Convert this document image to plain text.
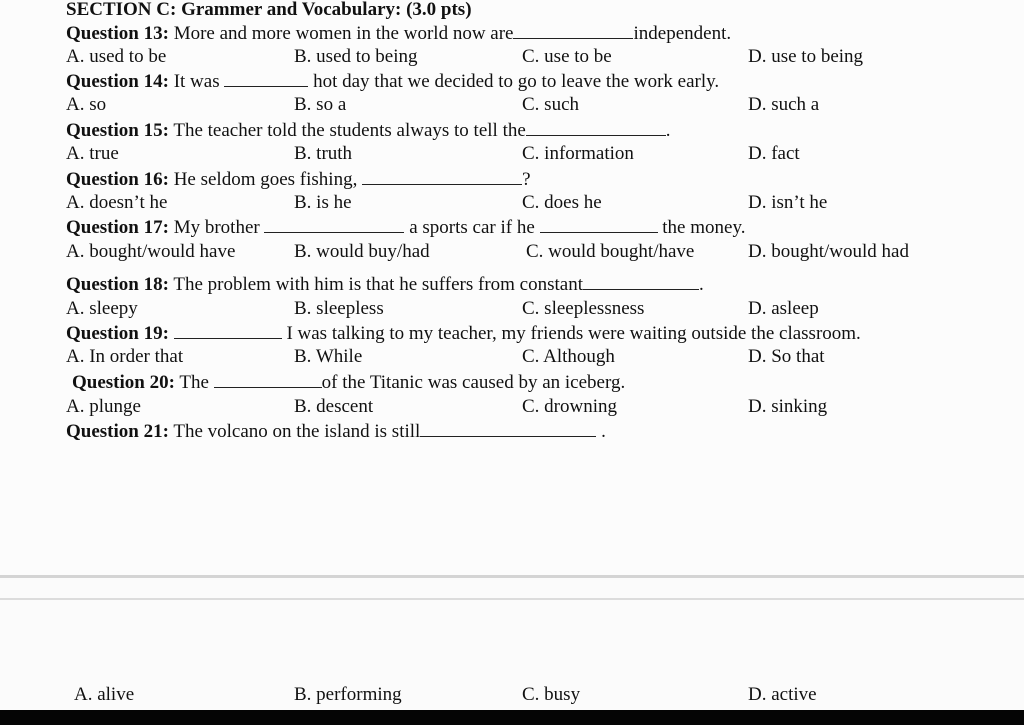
SECTION C: Grammer and Vocabulary: (3.0 pts)
Question 13: More and more women in the world now are	independent.
A. used to be	B. used to being	C. use to be	D. use to being
Question 14: It was	hot day that we decided to go to leave the work early.
A. so	B. so a	C. such	D. such a
Question 15: The teacher told the students always to tell the	.
A. true	B. truth	C. information	D. fact
Question 16: He seldom goes fishing,	?
A. doesn’t he	B. is he	C. does he	D. isn’t he
Question 17: My brother	a sports car if he	the money.
A. bought/would have	B. would buy/had	C. would bought/have	D. bought/would had
Question 18: The problem with him is that he suffers from constant	.
A. sleepy	B. sleepless	C. sleeplessness	D. asleep
Question 19:	I was talking to my teacher, my friends were waiting outside the classroom.
A. In order that	B. While	C. Although	D. So that
Question 20: The	of the Titanic was caused by an iceberg.
A. plunge	B. descent	C. drowning	D. sinking
Question 21: The volcano on the island is still	.
A. alive	B. performing	C. busy	D. active
